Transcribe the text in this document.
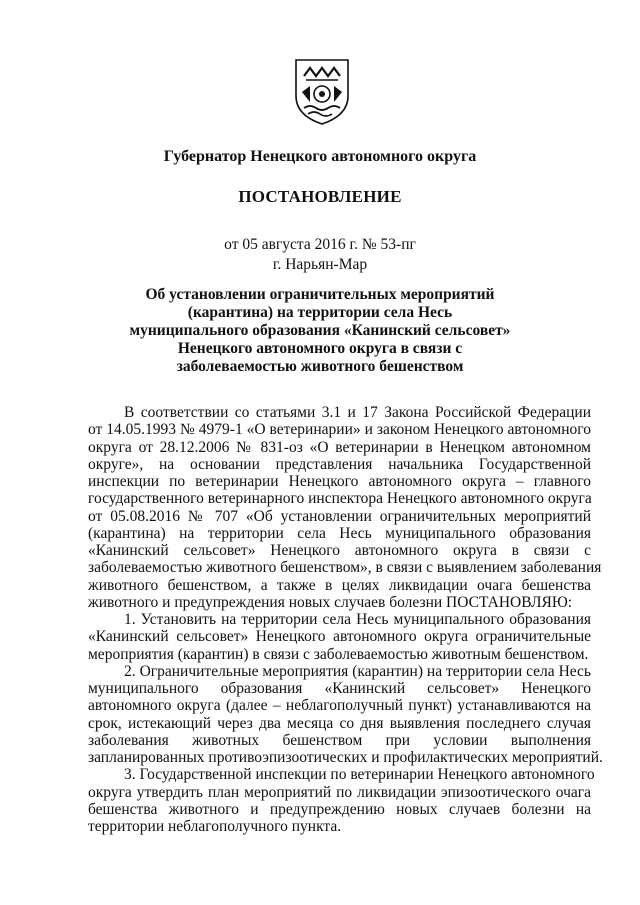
Губернатор Ненецкого автономного округа
ПОСТАНОВЛЕНИЕ
от 05 августа 2016 г. № 53-пг
г. Нарьян-Мар
Об установлении ограничительных мероприятий
(карантина) на территории села Несь
муниципального образования «Канинский сельсовет»
Ненецкого автономного округа в связи с
заболеваемостью животного бешенством
В соответствии со статьями 3.1 и 17 Закона Российской Федерации
от 14.05.1993 № 4979-1 «О ветеринарии» и законом Ненецкого автономного
округа от 28.12.2006 № 831-оз «О ветеринарии в Ненецком автономном
округе», на основании представления начальника Государственной
инспекции по ветеринарии Ненецкого автономного округа – главного
государственного ветеринарного инспектора Ненецкого автономного округа
от 05.08.2016 № 707 «Об установлении ограничительных мероприятий
(карантина) на территории села Несь муниципального образования
«Канинский сельсовет» Ненецкого автономного округа в связи с
заболеваемостью животного бешенством», в связи с выявлением заболевания
животного бешенством, а также в целях ликвидации очага бешенства
животного и предупреждения новых случаев болезни ПОСТАНОВЛЯЮ:
1. Установить на территории села Несь муниципального образования
«Канинский сельсовет» Ненецкого автономного округа ограничительные
мероприятия (карантин) в связи с заболеваемостью животным бешенством.
2. Ограничительные мероприятия (карантин) на территории села Несь
муниципального образования «Канинский сельсовет» Ненецкого
автономного округа (далее – неблагополучный пункт) устанавливаются на
срок, истекающий через два месяца со дня выявления последнего случая
заболевания животных бешенством при условии выполнения
запланированных противоэпизоотических и профилактических мероприятий.
3. Государственной инспекции по ветеринарии Ненецкого автономного
округа утвердить план мероприятий по ликвидации эпизоотического очага
бешенства животного и предупреждению новых случаев болезни на
территории неблагополучного пункта.
